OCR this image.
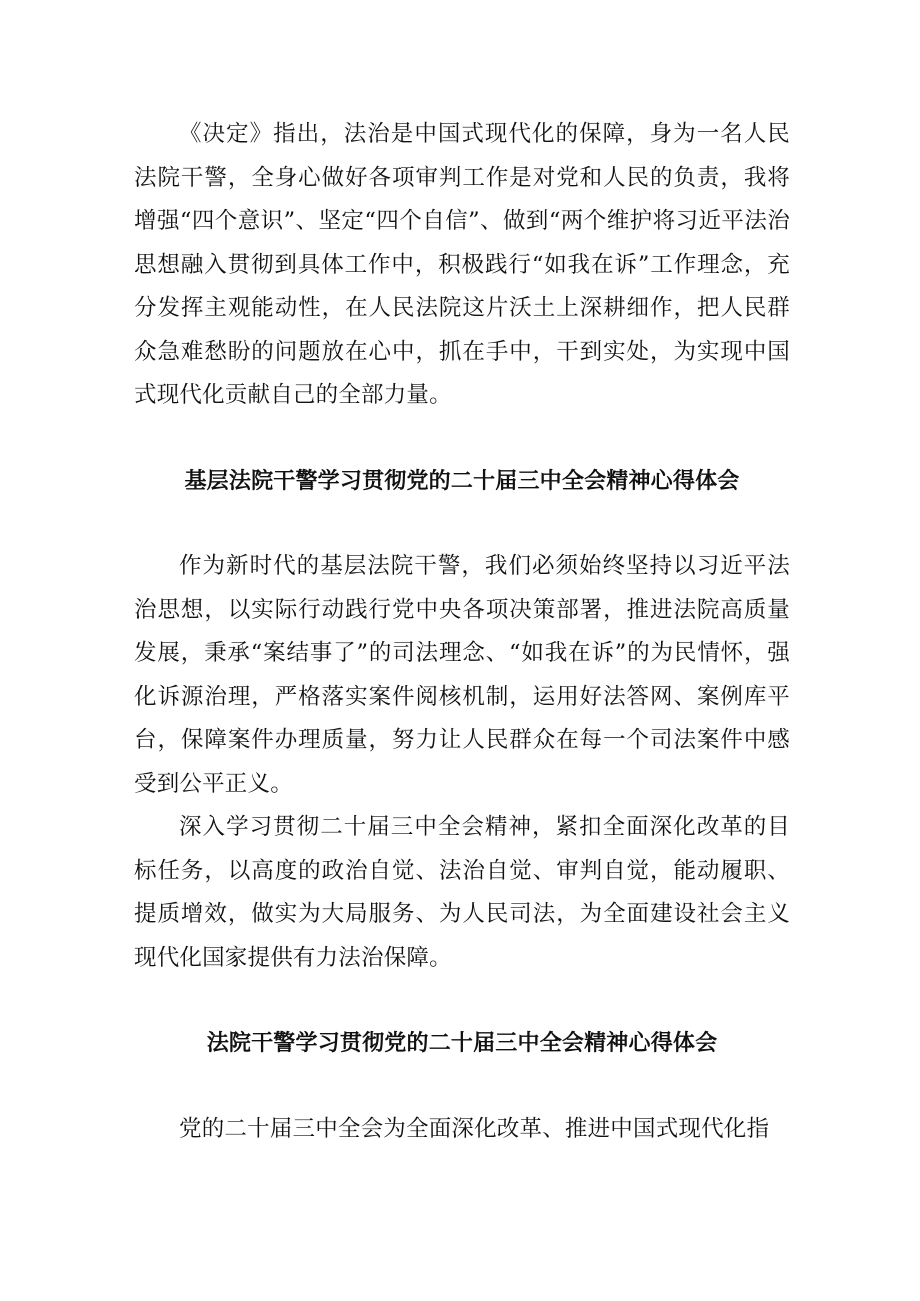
《决定》指出，法治是中国式现代化的保障，身为一名人民法院干警，全身心做好各项审判工作是对党和人民的负责，我将增强“四个意识”、坚定“四个自信”、做到“两个维护将习近平法治思想融入贯彻到具体工作中，积极践行“如我在诉”工作理念，充分发挥主观能动性，在人民法院这片沃土上深耕细作，把人民群众急难愁盼的问题放在心中，抓在手中，干到实处，为实现中国式现代化贡献自己的全部力量。

基层法院干警学习贯彻党的二十届三中全会精神心得体会

作为新时代的基层法院干警，我们必须始终坚持以习近平法治思想，以实际行动践行党中央各项决策部署，推进法院高质量发展，秉承“案结事了”的司法理念、“如我在诉”的为民情怀，强化诉源治理，严格落实案件阅核机制，运用好法答网、案例库平台，保障案件办理质量，努力让人民群众在每一个司法案件中感受到公平正义。

深入学习贯彻二十届三中全会精神，紧扣全面深化改革的目标任务，以高度的政治自觉、法治自觉、审判自觉，能动履职、提质增效，做实为大局服务、为人民司法，为全面建设社会主义现代化国家提供有力法治保障。

法院干警学习贯彻党的二十届三中全会精神心得体会

党的二十届三中全会为全面深化改革、推进中国式现代化指
